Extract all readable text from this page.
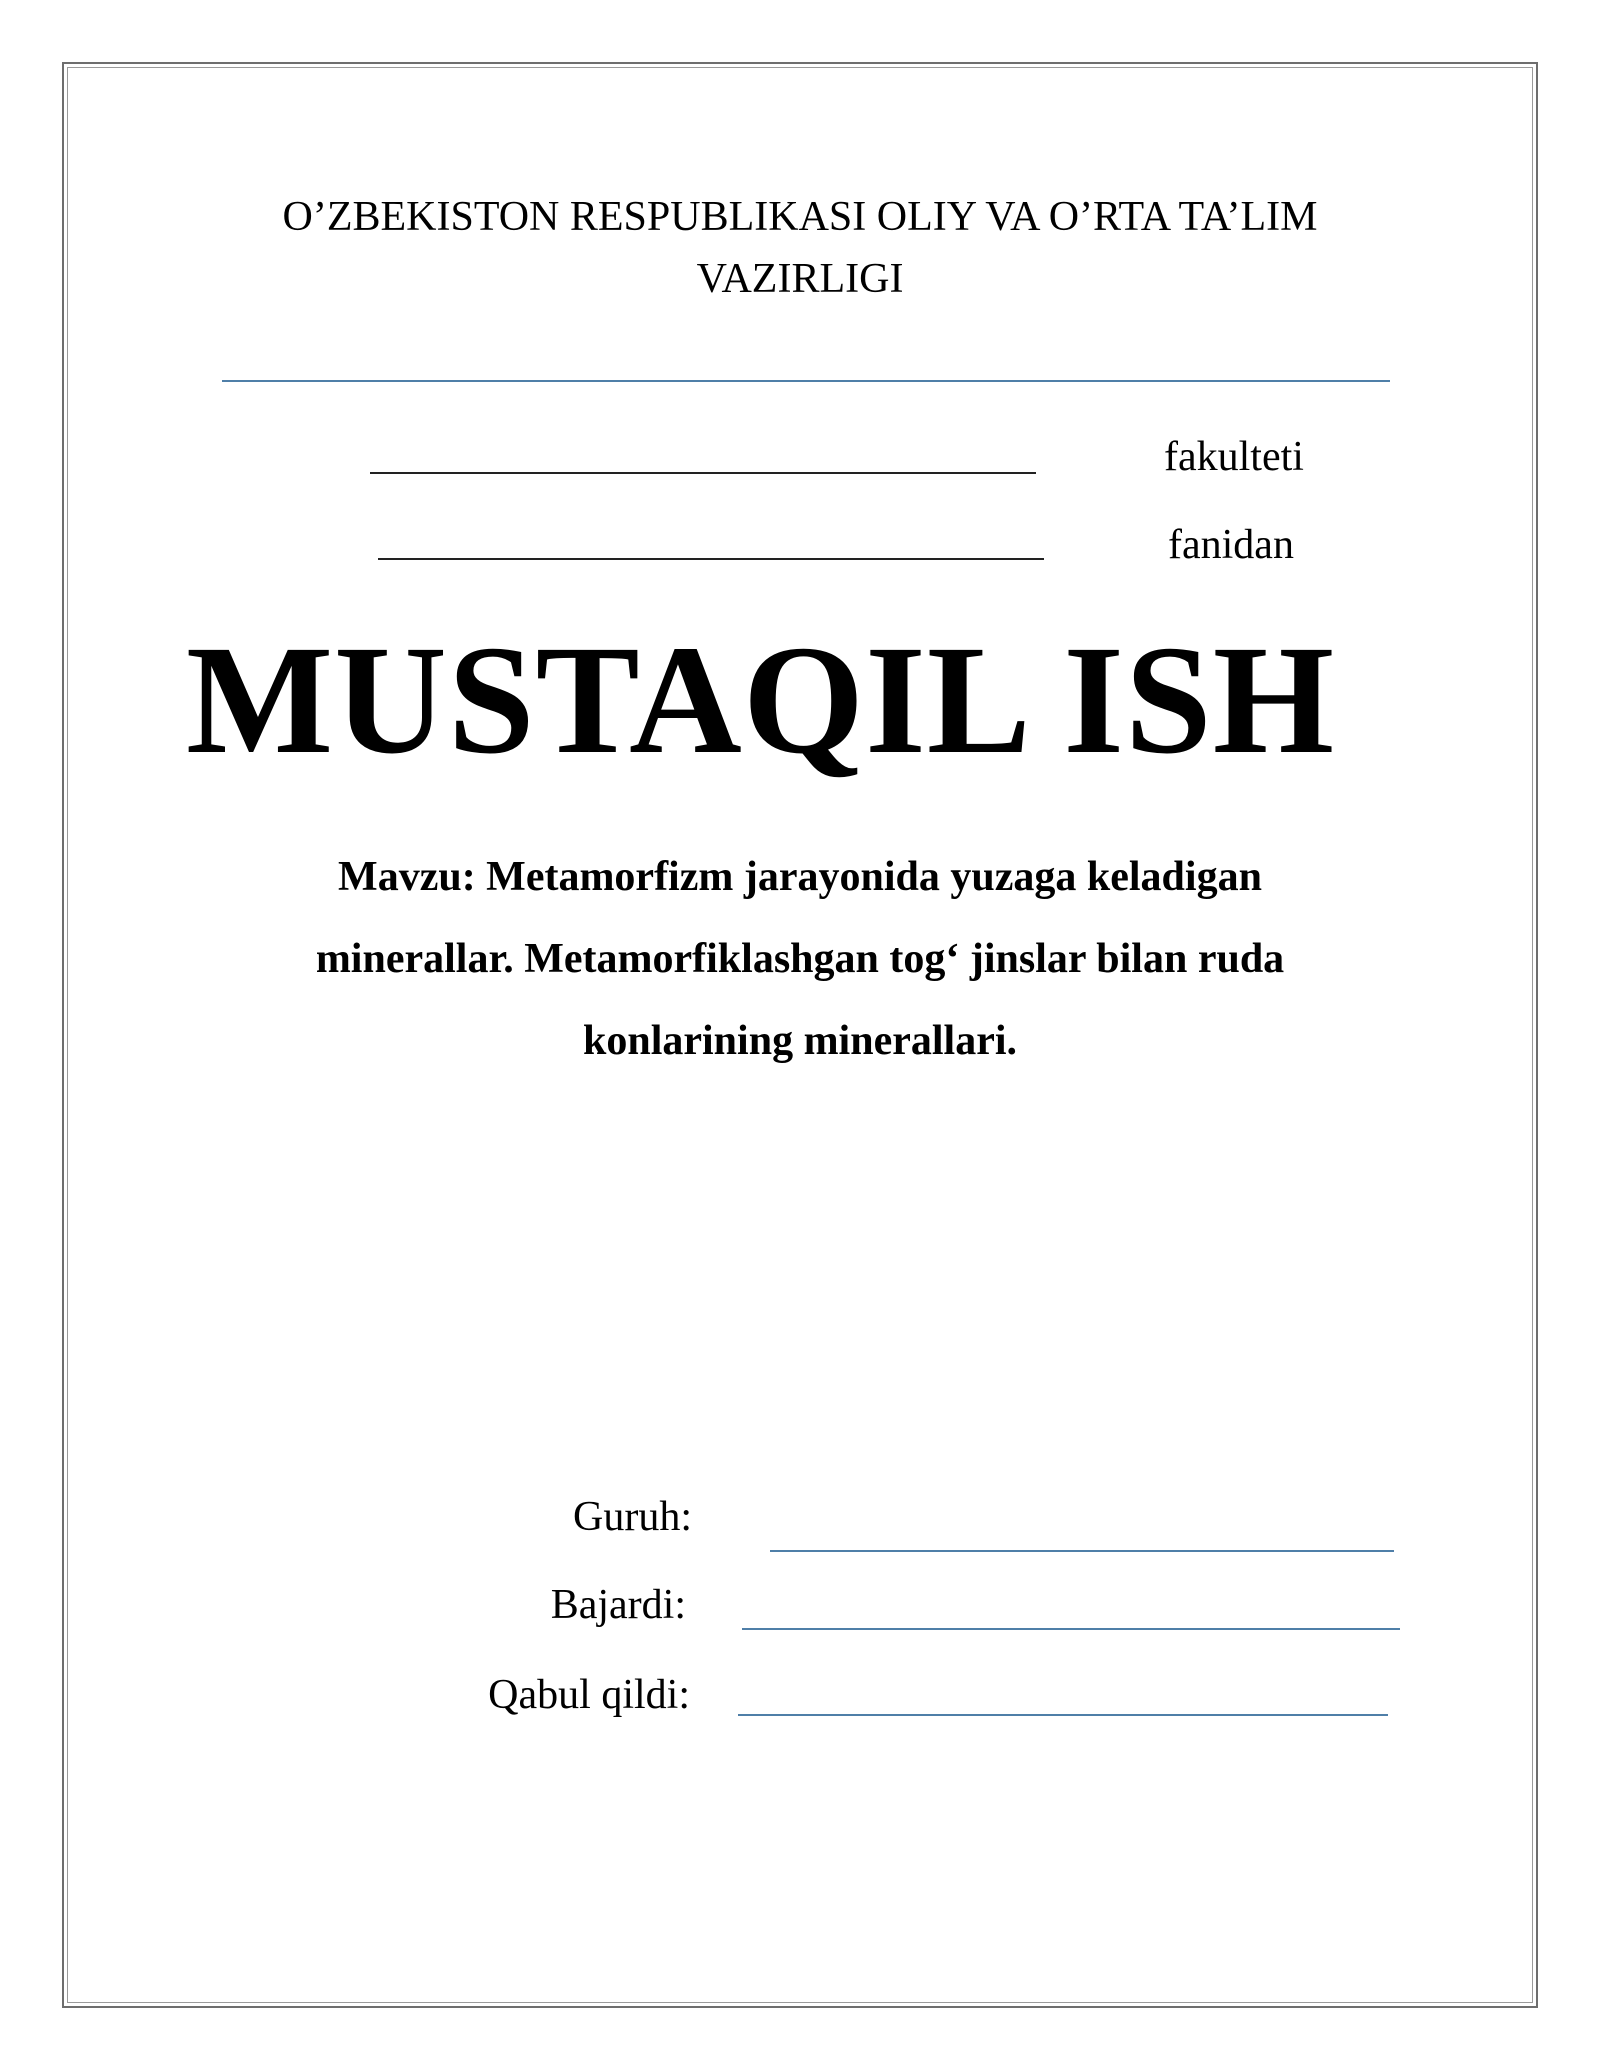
O’ZBEKISTON RESPUBLIKASI OLIY VA O’RTA TA’LIM
VAZIRLIGI
fakulteti
fanidan
MUSTAQIL ISH
Mavzu: Metamorfizm jarayonida yuzaga keladigan
minerallar. Metamorfiklashgan tog‘ jinslar bilan ruda
konlarining minerallari.
Guruh:
Bajardi:
Qabul qildi:
